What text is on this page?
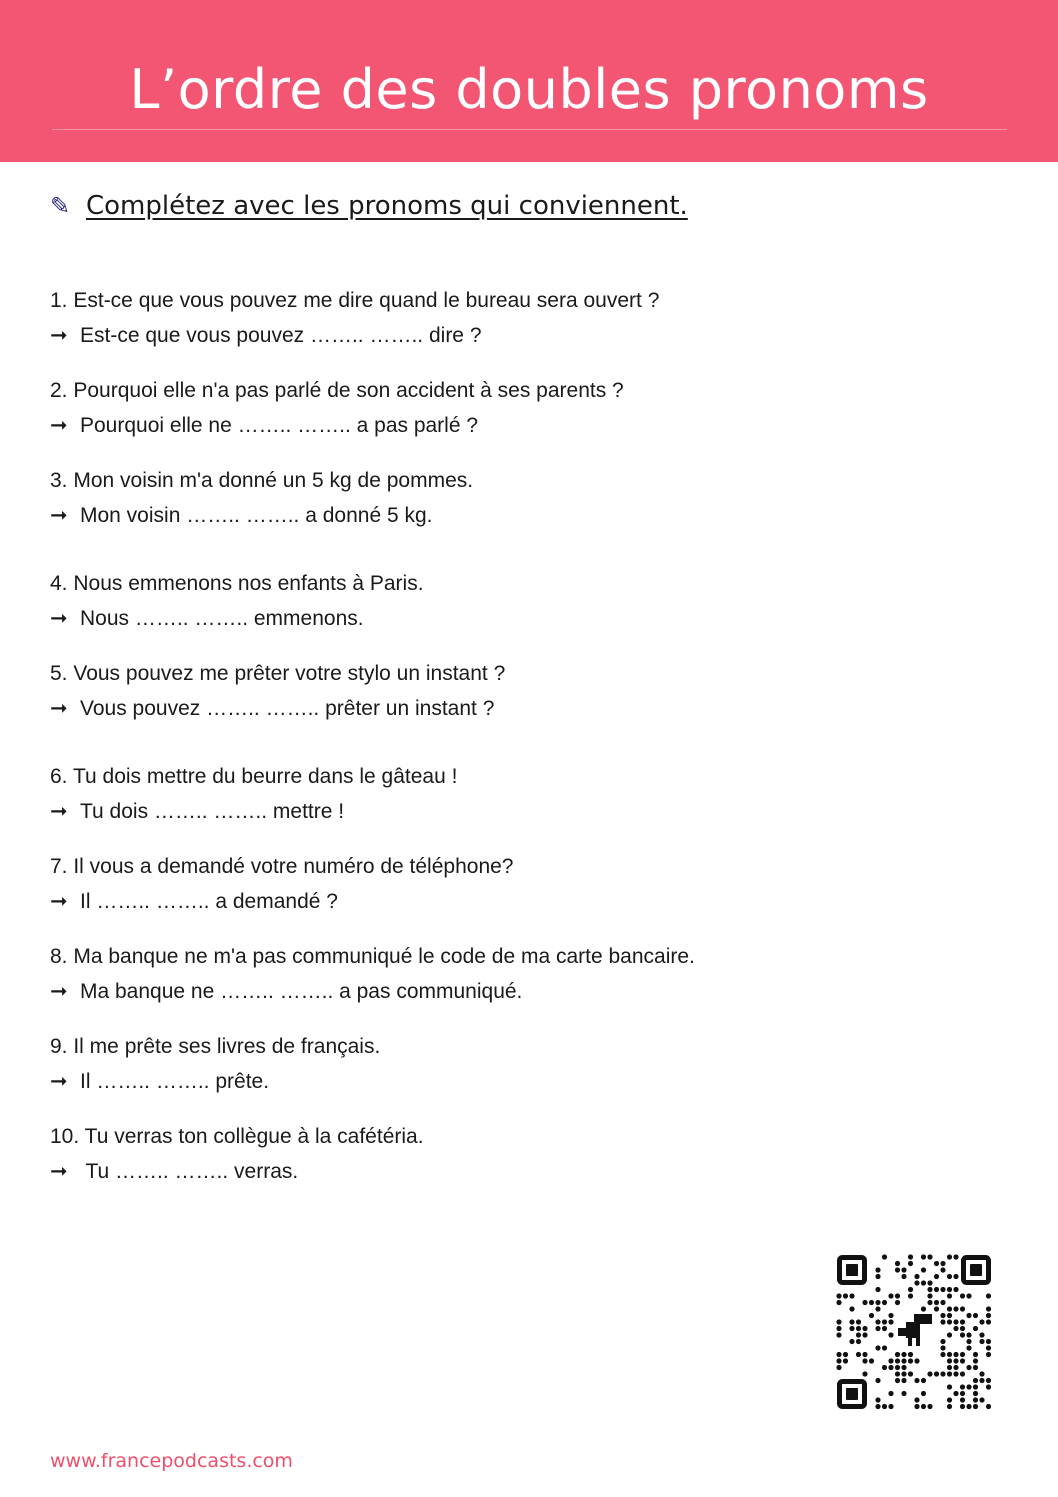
L’ordre des doubles pronoms
✎ Complétez avec les pronoms qui conviennent.
1. Est-ce que vous pouvez me dire quand le bureau sera ouvert ?
➞ Est-ce que vous pouvez …….. …….. dire ?
2. Pourquoi elle n'a pas parlé de son accident à ses parents ?
➞ Pourquoi elle ne …….. …….. a pas parlé ?
3. Mon voisin m'a donné un 5 kg de pommes.
➞ Mon voisin …….. …….. a donné 5 kg.
4. Nous emmenons nos enfants à Paris.
➞ Nous …….. …….. emmenons.
5. Vous pouvez me prêter votre stylo un instant ?
➞ Vous pouvez …….. …….. prêter un instant ?
6. Tu dois mettre du beurre dans le gâteau !
➞ Tu dois …….. …….. mettre !
7. Il vous a demandé votre numéro de téléphone?
➞ Il …….. …….. a demandé ?
8. Ma banque ne m'a pas communiqué le code de ma carte bancaire.
➞ Ma banque ne …….. …….. a pas communiqué.
9. Il me prête ses livres de français.
➞ Il …….. …….. prête.
10. Tu verras ton collègue à la cafétéria.
➞ Tu …….. …….. verras.
www.francepodcasts.com
